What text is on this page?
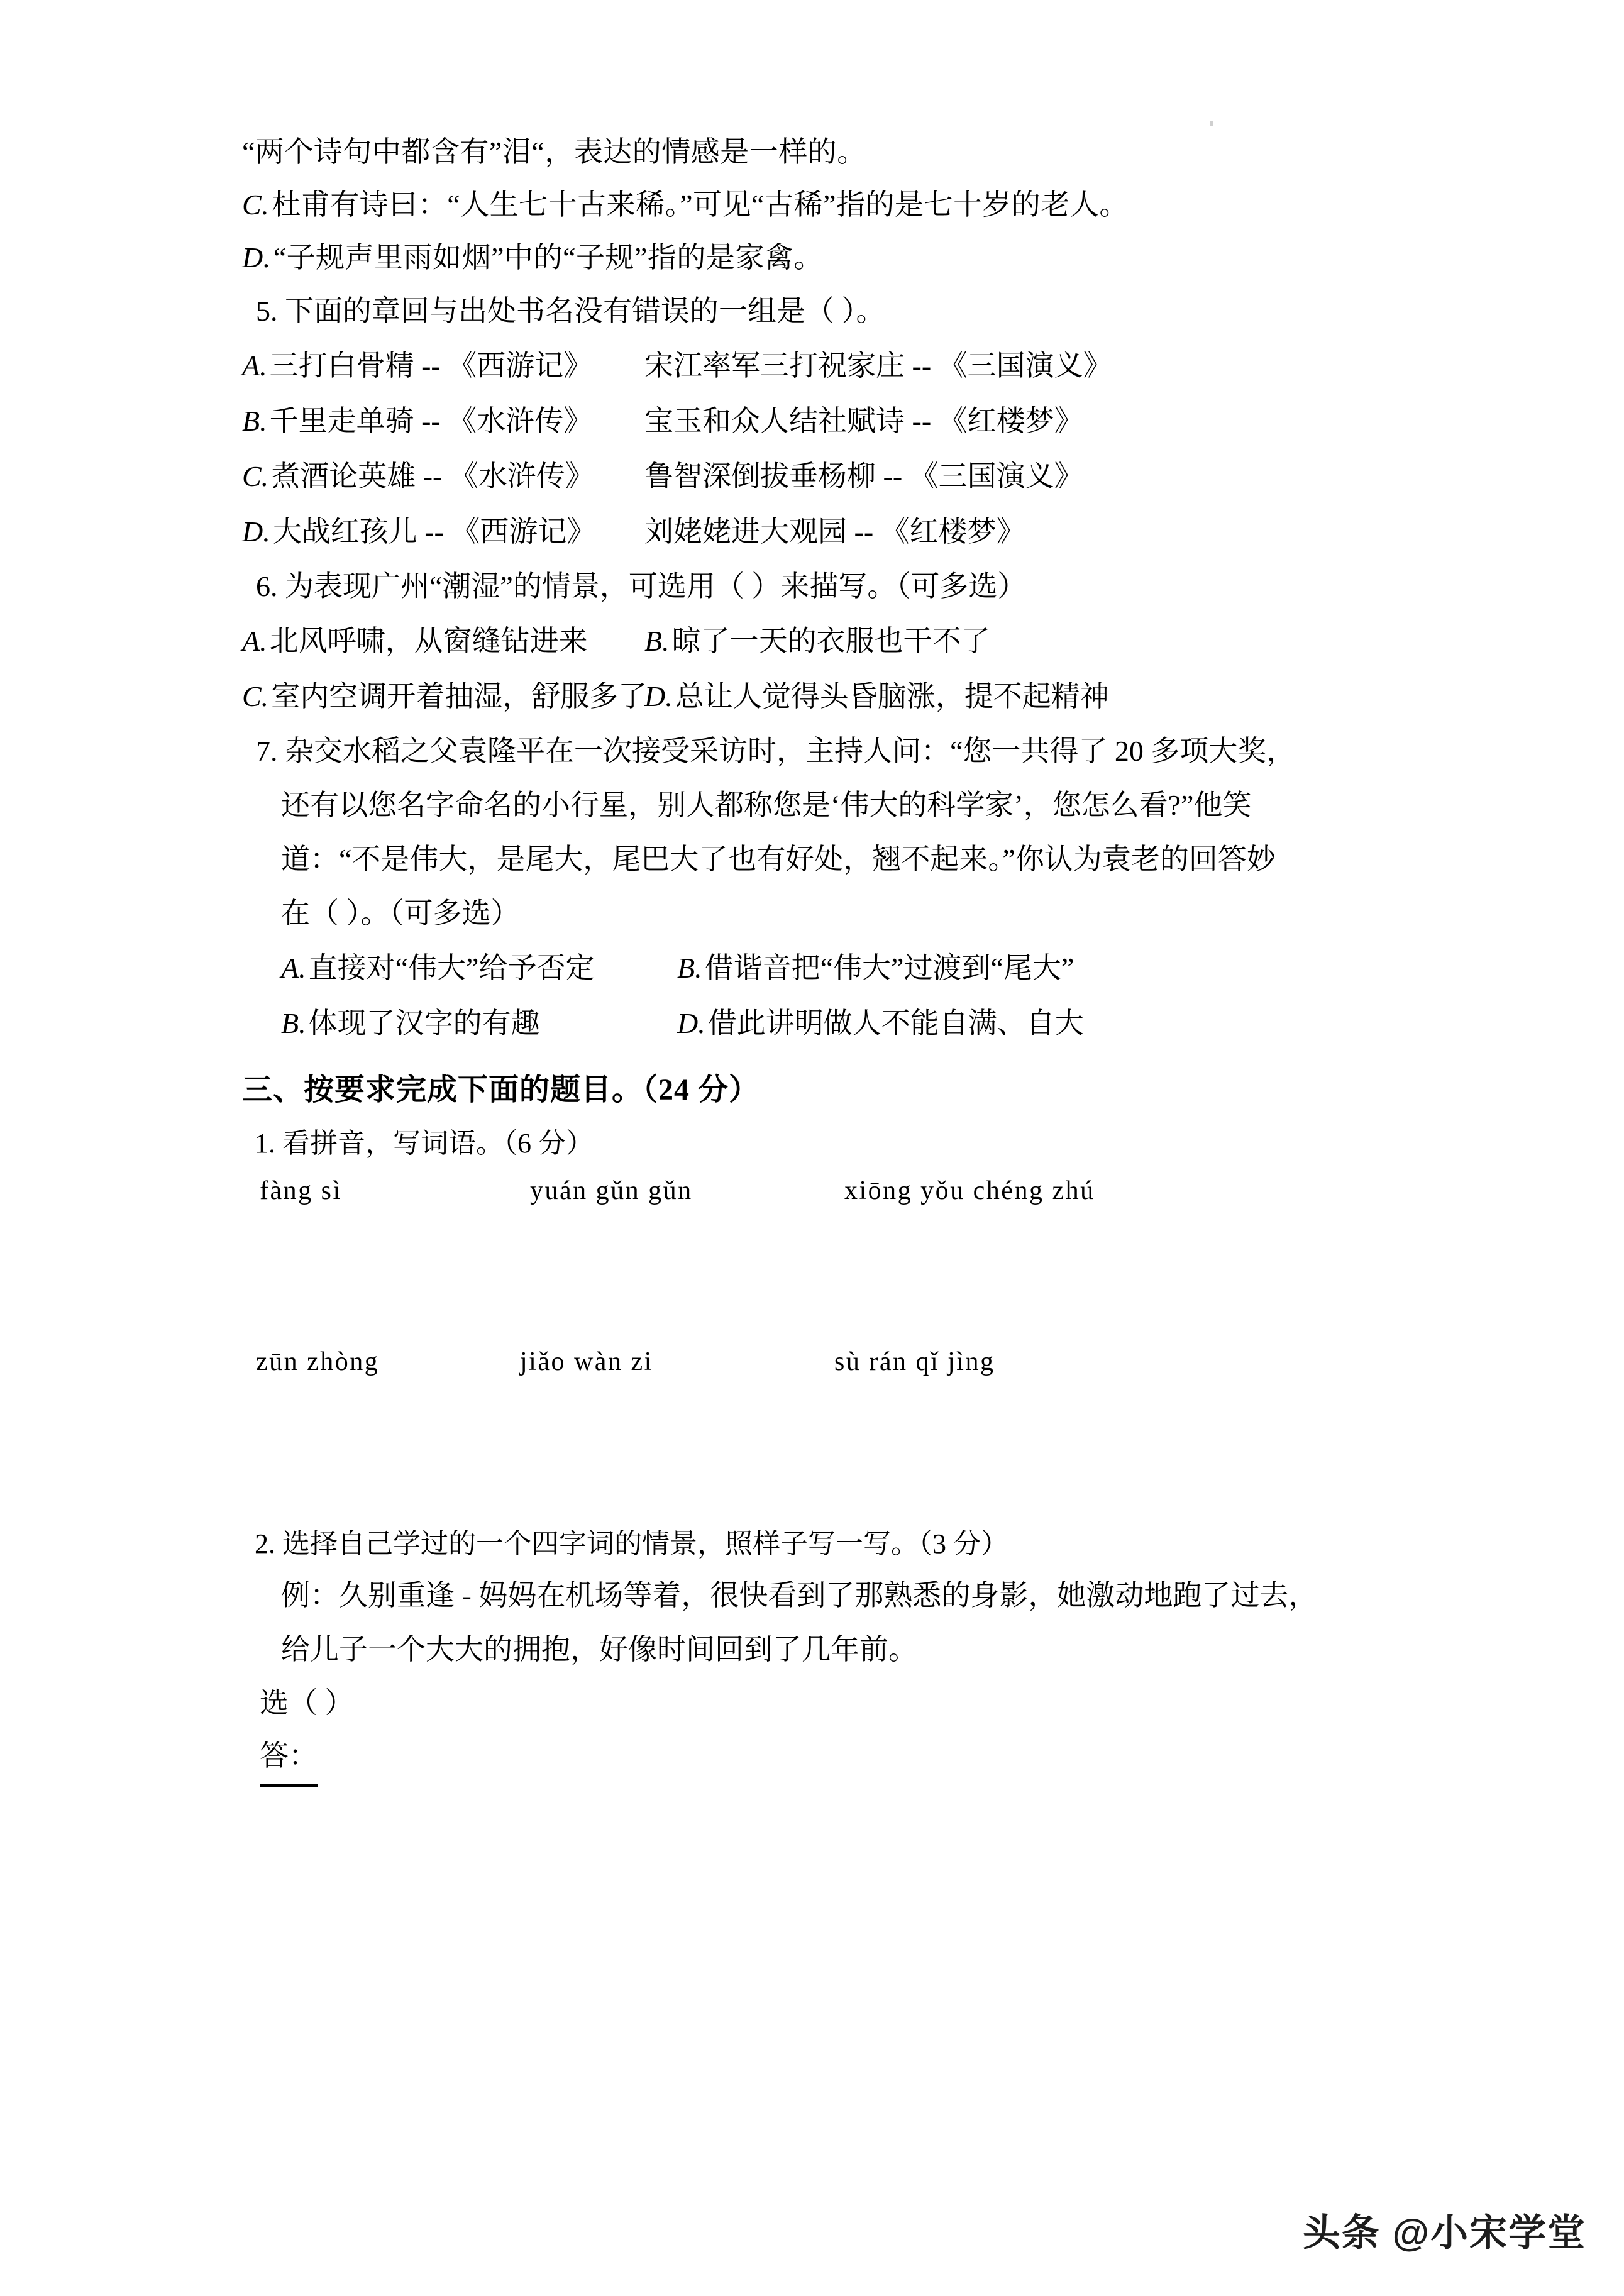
“两个诗句中都含有”泪“，表达的情感是一样的。
C.杜甫有诗曰：“人生七十古来稀。”可见“古稀”指的是七十岁的老人。
D.“子规声里雨如烟”中的“子规”指的是家禽。
5. 下面的章回与出处书名没有错误的一组是（ ）。
A.三打白骨精 -- 《西游记》	宋江率军三打祝家庄 -- 《三国演义》
B.千里走单骑 -- 《水浒传》	宝玉和众人结社赋诗 -- 《红楼梦》
C.煮酒论英雄 -- 《水浒传》	鲁智深倒拔垂杨柳 -- 《三国演义》
D.大战红孩儿 -- 《西游记》	刘姥姥进大观园 -- 《红楼梦》
6. 为表现广州“潮湿”的情景，可选用（ ）来描写。（可多选）
A.北风呼啸，从窗缝钻进来	B.晾了一天的衣服也干不了
C.室内空调开着抽湿，舒服多了
D.总让人觉得头昏脑涨，提不起精神
7. 杂交水稻之父袁隆平在一次接受采访时，主持人问：“您一共得了 20 多项大奖，
还有以您名字命名的小行星，别人都称您是‘伟大的科学家’，您怎么看?”他笑
道：“不是伟大，是尾大，尾巴大了也有好处，翘不起来。”你认为袁老的回答妙
在（ ）。（可多选）
A.直接对“伟大”给予否定	B.借谐音把“伟大”过渡到“尾大”
B.体现了汉字的有趣	D.借此讲明做人不能自满、自大
三、按要求完成下面的题目。（24 分）
1. 看拼音，写词语。（6 分）
fàng sì	yuán gǔn gǔn	xiōng yǒu chéng zhú
zūn zhòng	jiǎo wàn zi	sù rán qǐ jìng
2. 选择自己学过的一个四字词的情景，照样子写一写。（3 分）
例：久别重逢 - 妈妈在机场等着，很快看到了那熟悉的身影，她激动地跑了过去，
给儿子一个大大的拥抱，好像时间回到了几年前。
选（ ）
答：
头条 @小宋学堂
